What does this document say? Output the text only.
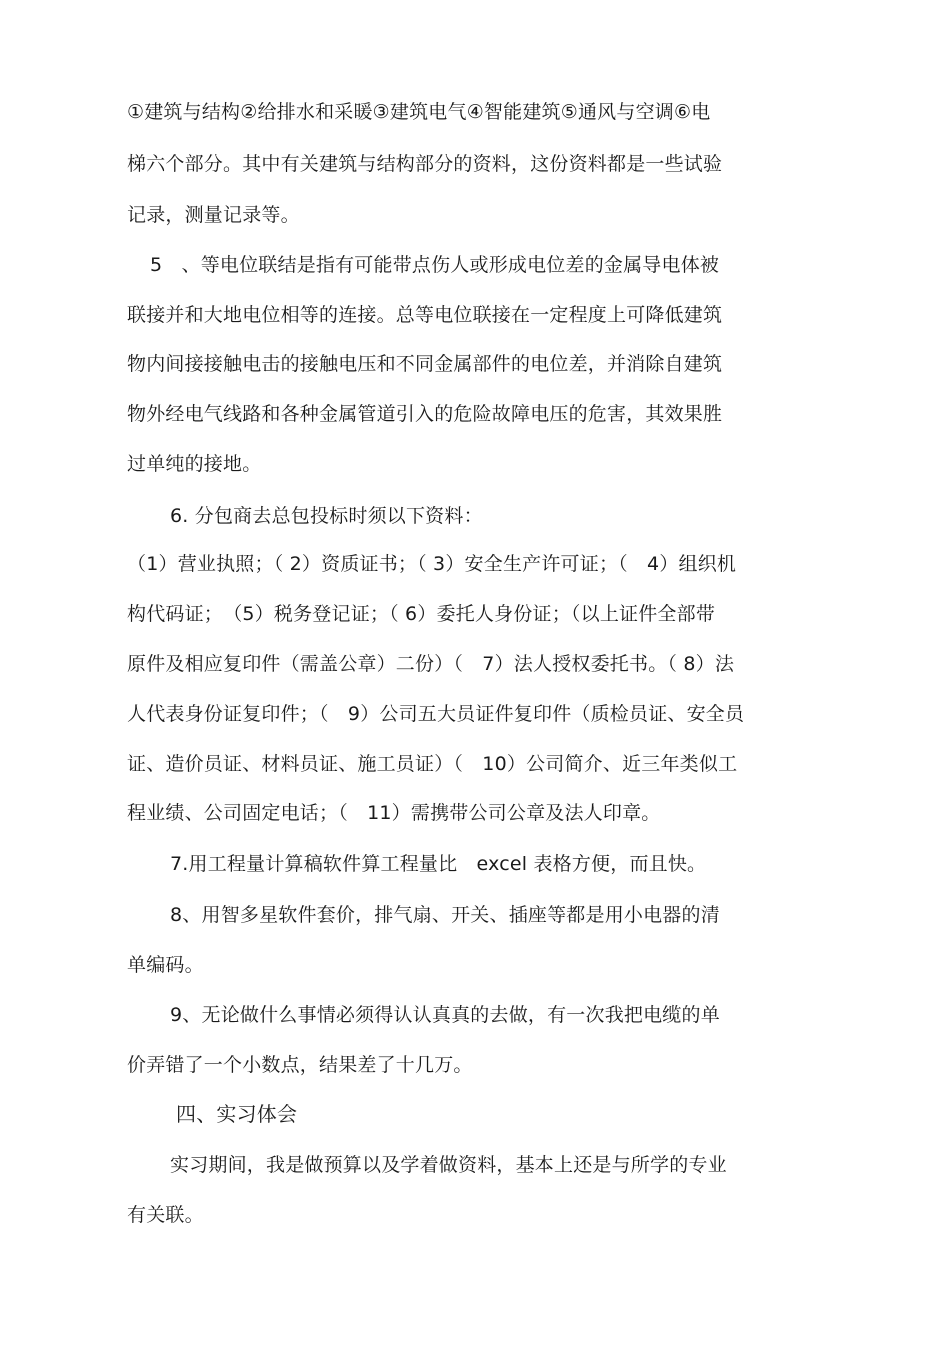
①建筑与结构②给排水和采暖③建筑电气④智能建筑⑤通风与空调⑥电
梯六个部分。其中有关建筑与结构部分的资料，这份资料都是一些试验
记录，测量记录等。
5　、等电位联结是指有可能带点伤人或形成电位差的金属导电体被
联接并和大地电位相等的连接。总等电位联接在一定程度上可降低建筑
物内间接接触电击的接触电压和不同金属部件的电位差，并消除自建筑
物外经电气线路和各种金属管道引入的危险故障电压的危害，其效果胜
过单纯的接地。
6. 分包商去总包投标时须以下资料：
（1）营业执照；（ 2）资质证书；（ 3）安全生产许可证；（　4）组织机
构代码证；　（5）税务登记证；（ 6）委托人身份证；（以上证件全部带
原件及相应复印件（需盖公章）二份）（　7）法人授权委托书。（ 8）法
人代表身份证复印件；（　9）公司五大员证件复印件（质检员证、安全员
证、造价员证、材料员证、施工员证）（　10）公司简介、近三年类似工
程业绩、公司固定电话；（　11）需携带公司公章及法人印章。
7.用工程量计算稿软件算工程量比　excel 表格方便，而且快。
8、用智多星软件套价，排气扇、开关、插座等都是用小电器的清
单编码。
9、无论做什么事情必须得认认真真的去做，有一次我把电缆的单
价弄错了一个小数点，结果差了十几万。
四、实习体会
实习期间，我是做预算以及学着做资料，基本上还是与所学的专业
有关联。
